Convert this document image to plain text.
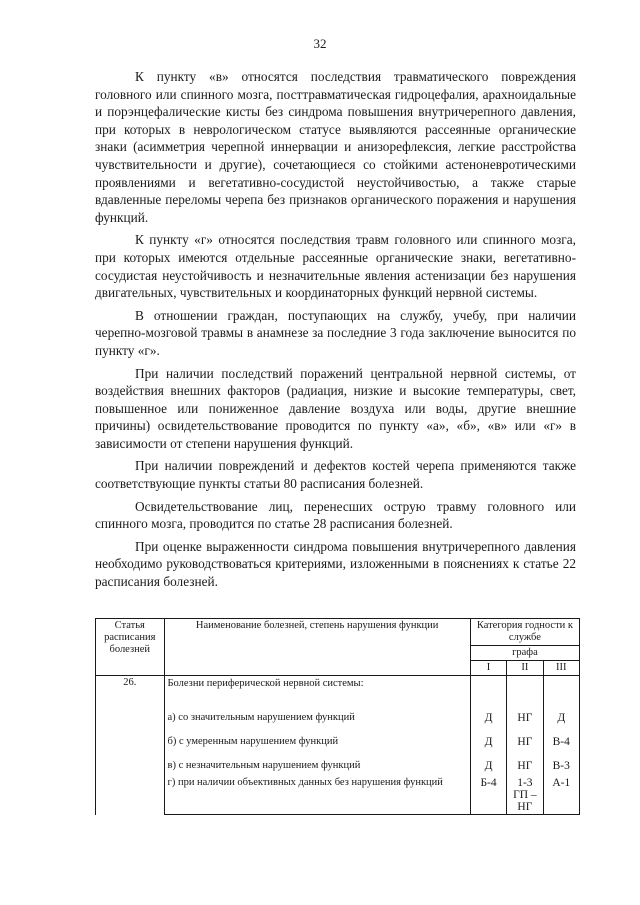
32

К пункту «в» относятся последствия травматического повреждения головного или спинного мозга, посттравматическая гидроцефалия, арахноидальные и порэнцефалические кисты без синдрома повышения внутричерепного давления, при которых в неврологическом статусе выявляются рассеянные органические знаки (асимметрия черепной иннервации и анизорефлексия, легкие расстройства чувствительности и другие), сочетающиеся со стойкими астеноневротическими проявлениями и вегетативно-сосудистой неустойчивостью, а также старые вдавленные переломы черепа без признаков органического поражения и нарушения функций.

К пункту «г» относятся последствия травм головного или спинного мозга, при которых имеются отдельные рассеянные органические знаки, вегетативно-сосудистая неустойчивость и незначительные явления астенизации без нарушения двигательных, чувствительных и координаторных функций нервной системы.

В отношении граждан, поступающих на службу, учебу, при наличии черепно-мозговой травмы в анамнезе за последние 3 года заключение выносится по пункту «г».

При наличии последствий поражений центральной нервной системы, от воздействия внешних факторов (радиация, низкие и высокие температуры, свет, повышенное или пониженное давление воздуха или воды, другие внешние причины) освидетельствование проводится по пункту «а», «б», «в» или «г» в зависимости от степени нарушения функций.

При наличии повреждений и дефектов костей черепа применяются также соответствующие пункты статьи 80 расписания болезней.

Освидетельствование лиц, перенесших острую травму головного или спинного мозга, проводится по статье 28 расписания болезней.

При оценке выраженности синдрома повышения внутричерепного давления необходимо руководствоваться критериями, изложенными в пояснениях к статье 22 расписания болезней.

Статья расписания болезней	Наименование болезней, степень нарушения функции	Категория годности к службе		
		графа		
		I	II	III
26.	Болезни периферической нервной системы:			
	а) со значительным нарушением функций	Д	НГ	Д
	б) с умеренным нарушением функций	Д	НГ	В-4
	в) с незначительным нарушением функций	Д	НГ	В-3
	г) при наличии объективных данных без нарушения функций	Б-4	1-3 ГП – НГ	А-1
